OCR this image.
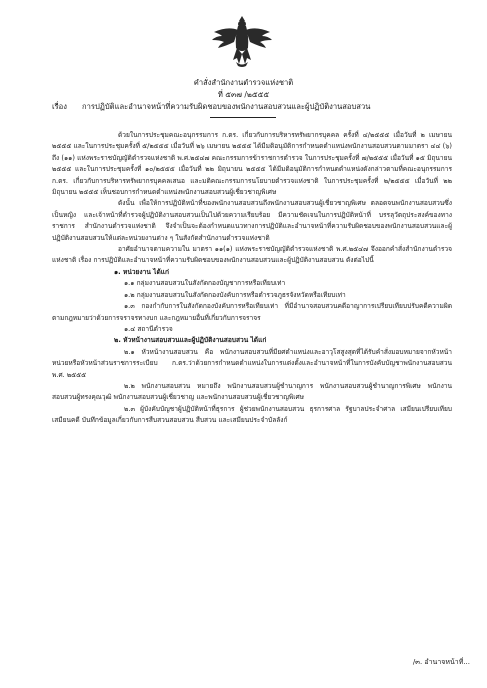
คำสั่งสำนักงานตำรวจแห่งชาติ
ที่ ๕๓๗ /๒๕๕๕
เรื่อง การปฏิบัติและอำนาจหน้าที่ความรับผิดชอบของพนักงานสอบสวนและผู้ปฏิบัติงานสอบสวน

ด้วยในการประชุมคณะอนุกรรมการ ก.ตร. เกี่ยวกับการบริหารทรัพยากรบุคคล ครั้งที่ ๔/๒๕๕๕ เมื่อวันที่ ๒ เมษายน ๒๕๕๕ และในการประชุมครั้งที่ ๕/๒๕๕๕ เมื่อวันที่ ๒๖ เมษายน ๒๕๕๕ ได้มีมติอนุมัติการกำหนดตำแหน่งพนักงานสอบสวนตามมาตรา ๔๔ (๖) ถึง (๑๑) แห่งพระราชบัญญัติตำรวจแห่งชาติ พ.ศ.๒๕๔๗ คณะกรรมการข้าราชการตำรวจ ในการประชุมครั้งที่ ๗/๒๕๕๕ เมื่อวันที่ ๑๕ มิถุนายน ๒๕๕๕ และในการประชุมครั้งที่ ๑๐/๒๕๕๕ เมื่อวันที่ ๒๒ มิถุนายน ๒๕๕๕ ได้มีมติอนุมัติการกำหนดตำแหน่งดังกล่าวตามที่คณะอนุกรรมการ ก.ตร. เกี่ยวกับการบริหารทรัพยากรบุคคลเสนอ และมติคณะกรรมการนโยบายตำรวจแห่งชาติ ในการประชุมครั้งที่ ๒/๒๕๕๕ เมื่อวันที่ ๒๒ มิถุนายน ๒๕๕๕ เห็นชอบการกำหนดตำแหน่งพนักงานสอบสวนผู้เชี่ยวชาญพิเศษ

ดังนั้น เพื่อให้การปฏิบัติหน้าที่ของพนักงานสอบสวนถึงพนักงานสอบสวนผู้เชี่ยวชาญพิเศษ ตลอดจนพนักงานสอบสวนซึ่งเป็นหญิง และเจ้าหน้าที่ตำรวจผู้ปฏิบัติงานสอบสวนเป็นไปด้วยความเรียบร้อย มีความชัดเจนในการปฏิบัติหน้าที่ บรรลุวัตถุประสงค์ของทางราชการ สำนักงานตำรวจแห่งชาติ จึงจำเป็นจะต้องกำหนดแนวทางการปฏิบัติและอำนาจหน้าที่ความรับผิดชอบของพนักงานสอบสวนและผู้ปฏิบัติงานสอบสวนให้แต่ละหน่วยงานต่าง ๆ ในสังกัดสำนักงานตำรวจแห่งชาติ

อาศัยอำนาจตามความใน มาตรา ๑๑(๑) แห่งพระราชบัญญัติตำรวจแห่งชาติ พ.ศ.๒๕๔๗ จึงออกคำสั่งสำนักงานตำรวจแห่งชาติ เรื่อง การปฏิบัติและอำนาจหน้าที่ความรับผิดชอบของพนักงานสอบสวนและผู้ปฏิบัติงานสอบสวน ดังต่อไปนี้

๑. หน่วยงาน ได้แก่

๑.๑ กลุ่มงานสอบสวนในสังกัดกองบัญชาการหรือเทียบเท่า

๑.๒ กลุ่มงานสอบสวนในสังกัดกองบังคับการหรือตำรวจภูธรจังหวัดหรือเทียบเท่า

๑.๓ กองกำกับการในสังกัดกองบังคับการหรือเทียบเท่า ที่มีอำนาจสอบสวนคดีอาญาการเปรียบเทียบปรับคดีความผิดตามกฎหมายว่าด้วยการจราจรทางบก และกฎหมายอื่นที่เกี่ยวกับการจราจร

๑.๔ สถานีตำรวจ

๒. หัวหน้างานสอบสวนและผู้ปฏิบัติงานสอบสวน ได้แก่

๒.๑ หัวหน้างานสอบสวน คือ พนักงานสอบสวนที่มียศตำแหน่งและอาวุโสสูงสุดที่ได้รับคำสั่งมอบหมายจากหัวหน้าหน่วยหรือหัวหน้าส่วนราชการระเบียบ ก.ตร.ว่าด้วยการกำหนดตำแหน่งในการแต่งตั้งและอำนาจหน้าที่ในการบังคับบัญชาพนักงานสอบสวน พ.ศ. ๒๕๕๕

๒.๒ พนักงานสอบสวน หมายถึง พนักงานสอบสวนผู้ชำนาญการ พนักงานสอบสวนผู้ชำนาญการพิเศษ พนักงานสอบสวนผู้ทรงคุณวุฒิ พนักงานสอบสวนผู้เชี่ยวชาญ และพนักงานสอบสวนผู้เชี่ยวชาญพิเศษ

๒.๓ ผู้บังคับบัญชาผู้ปฏิบัติหน้าที่ธุรการ ผู้ช่วยพนักงานสอบสวน ธุรการศาล รัฐบาลประจำศาล เสมียนเปรียบเทียบ เสมียนคดี บันทึกข้อมูลเกี่ยวกับการสืบสวนสอบสวน สืบสวน และเสมียนประจำบัลลังก์

/๓. อำนาจหน้าที่...
